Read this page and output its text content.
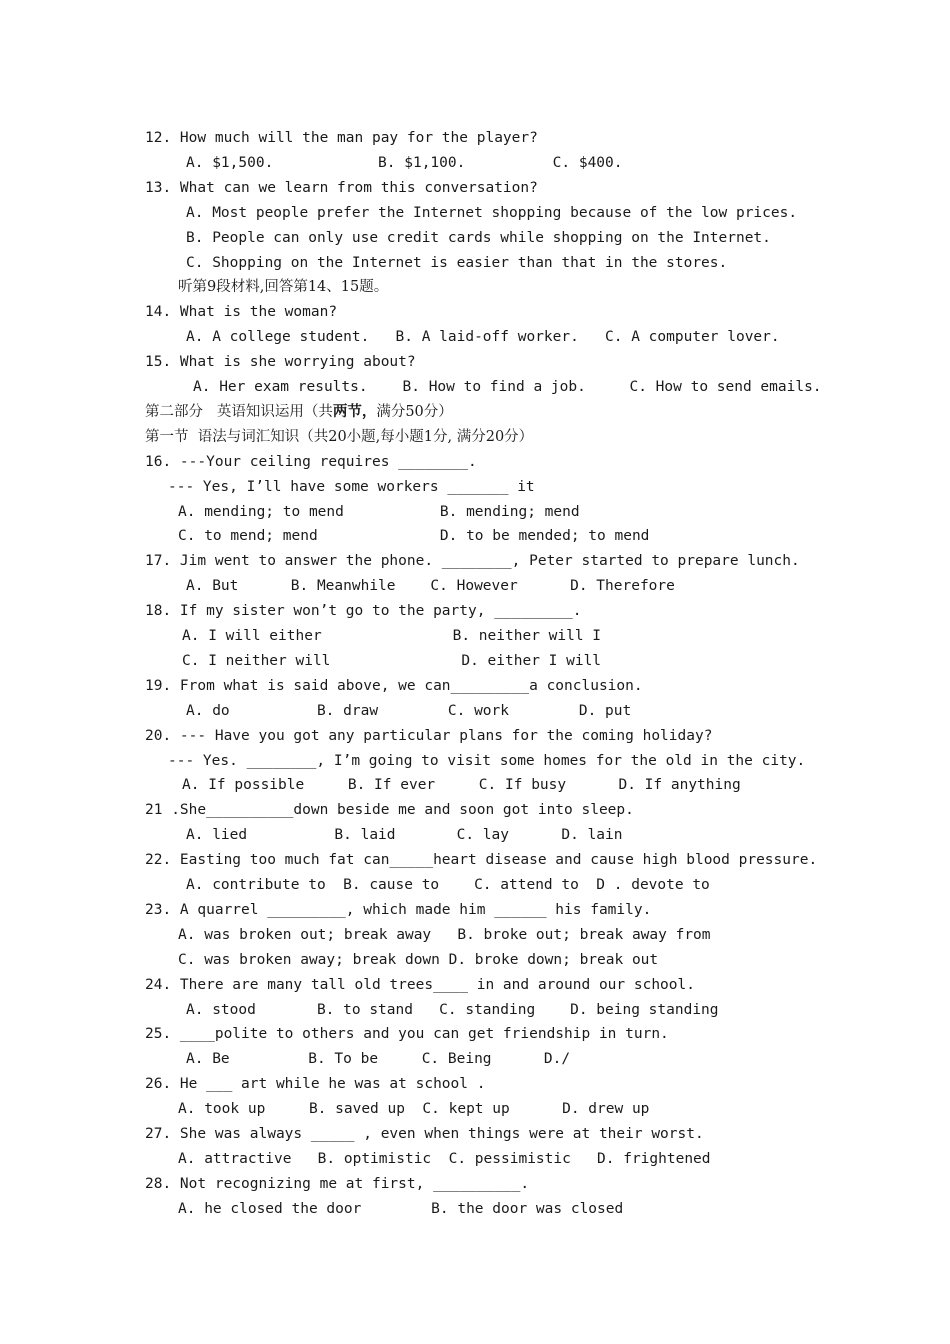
12. How much will the man pay for the player?
A. $1,500.            B. $1,100.          C. $400.
13. What can we learn from this conversation?
A. Most people prefer the Internet shopping because of the low prices.
B. People can only use credit cards while shopping on the Internet.
C. Shopping on the Internet is easier than that in the stores.
听第9段材料,回答第14、15题。
14. What is the woman?
A. A college student.   B. A laid-off worker.   C. A computer lover.
15. What is she worrying about?
A. Her exam results.    B. How to find a job.     C. How to send emails.
第二部分   英语知识运用（共两节，满分50分）
第一节  语法与词汇知识（共20小题,每小题1分, 满分20分）
16. ---Your ceiling requires ________.
--- Yes, I’ll have some workers _______ it
A. mending; to mend           B. mending; mend
C. to mend; mend              D. to be mended; to mend
17. Jim went to answer the phone. ________, Peter started to prepare lunch.
A. But      B. Meanwhile    C. However      D. Therefore
18. If my sister won’t go to the party, _________.
A. I will either               B. neither will I
C. I neither will               D. either I will
19. From what is said above, we can_________a conclusion.
A. do          B. draw        C. work        D. put
20. --- Have you got any particular plans for the coming holiday?
--- Yes. ________, I’m going to visit some homes for the old in the city.
A. If possible     B. If ever     C. If busy      D. If anything
21 .She__________down beside me and soon got into sleep.
A. lied          B. laid       C. lay      D. lain
22. Easting too much fat can_____heart disease and cause high blood pressure.
A. contribute to  B. cause to    C. attend to  D . devote to
23. A quarrel _________, which made him ______ his family.
A. was broken out; break away   B. broke out; break away from
C. was broken away; break down D. broke down; break out
24. There are many tall old trees____ in and around our school.
A. stood       B. to stand   C. standing    D. being standing
25. ____polite to others and you can get friendship in turn.
A. Be         B. To be     C. Being      D./
26. He ___ art while he was at school .
A. took up     B. saved up  C. kept up      D. drew up
27. She was always _____ , even when things were at their worst.
A. attractive   B. optimistic  C. pessimistic   D. frightened
28. Not recognizing me at first, __________.
A. he closed the door        B. the door was closed
